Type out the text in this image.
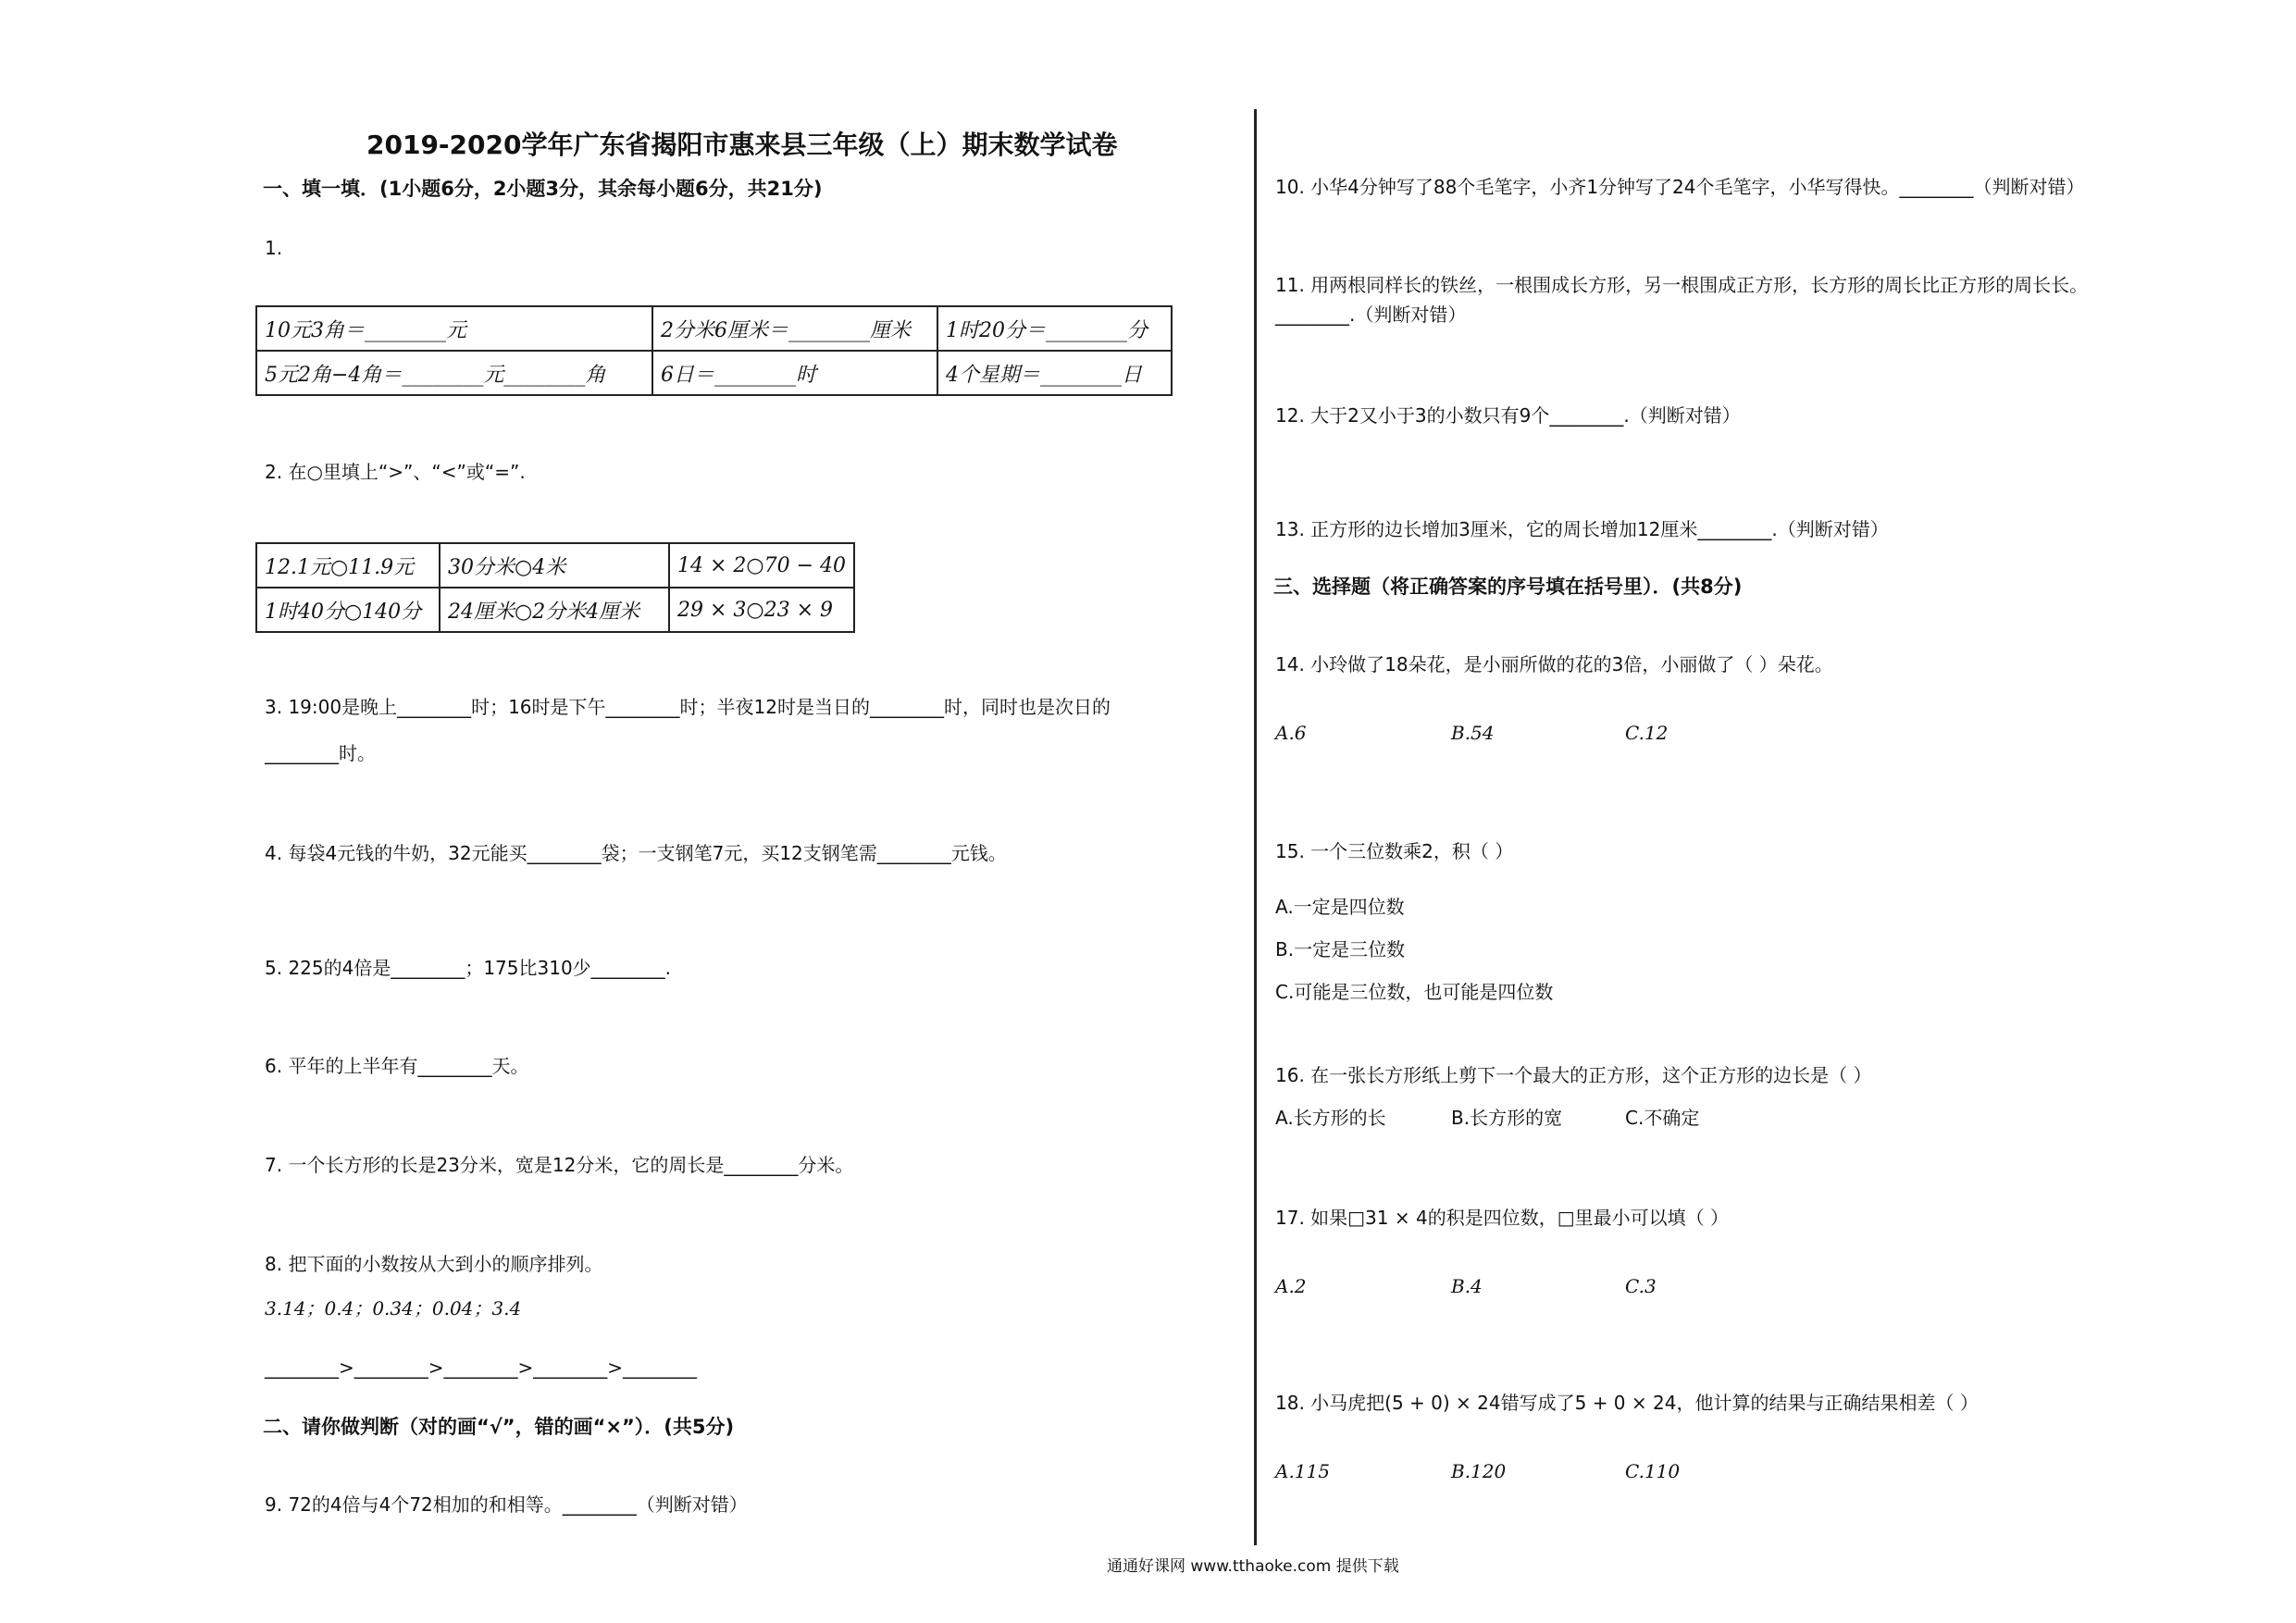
2019-2020学年广东省揭阳市惠来县三年级（上）期末数学试卷
一、填一填．(1小题6分，2小题3分，其余每小题6分，共21分)
1.
10元3角＝________元	2分米6厘米＝________厘米	1时20分＝________分
5元2角−4角＝________元________角	6日＝________时	4个星期＝________日
2. 在○里填上“>”、“<”或“=”.
12.1元○11.9元	30分米○4米	14 × 2○70 − 40
1时40分○140分	24厘米○2分米4厘米	29 × 3○23 × 9
3. 19:00是晚上________时；16时是下午________时；半夜12时是当日的________时，同时也是次日的
________时。
4. 每袋4元钱的牛奶，32元能买________袋；一支钢笔7元，买12支钢笔需________元钱。
5. 225的4倍是________；175比310少________.
6. 平年的上半年有________天。
7. 一个长方形的长是23分米，宽是12分米，它的周长是________分米。
8. 把下面的小数按从大到小的顺序排列。
3.14；0.4；0.34；0.04；3.4
________>________>________>________>________
二、请你做判断（对的画“√”，错的画“×”）．(共5分)
9. 72的4倍与4个72相加的和相等。________（判断对错）
10. 小华4分钟写了88个毛笔字，小齐1分钟写了24个毛笔字，小华写得快。________（判断对错）
11. 用两根同样长的铁丝，一根围成长方形，另一根围成正方形，长方形的周长比正方形的周长长。
________.（判断对错）
12. 大于2又小于3的小数只有9个________.（判断对错）
13. 正方形的边长增加3厘米，它的周长增加12厘米________.（判断对错）
三、选择题（将正确答案的序号填在括号里）．(共8分)
14. 小玲做了18朵花，是小丽所做的花的3倍，小丽做了（ ）朵花。
A.6	B.54	C.12
15. 一个三位数乘2，积（ ）
A.一定是四位数
B.一定是三位数
C.可能是三位数，也可能是四位数
16. 在一张长方形纸上剪下一个最大的正方形，这个正方形的边长是（ ）
A.长方形的长	B.长方形的宽	C.不确定
17. 如果□31 × 4的积是四位数，□里最小可以填（ ）
A.2	B.4	C.3
18. 小马虎把(5 + 0) × 24错写成了5 + 0 × 24，他计算的结果与正确结果相差（ ）
A.115	B.120	C.110
通通好课网 www.tthaoke.com 提供下载
